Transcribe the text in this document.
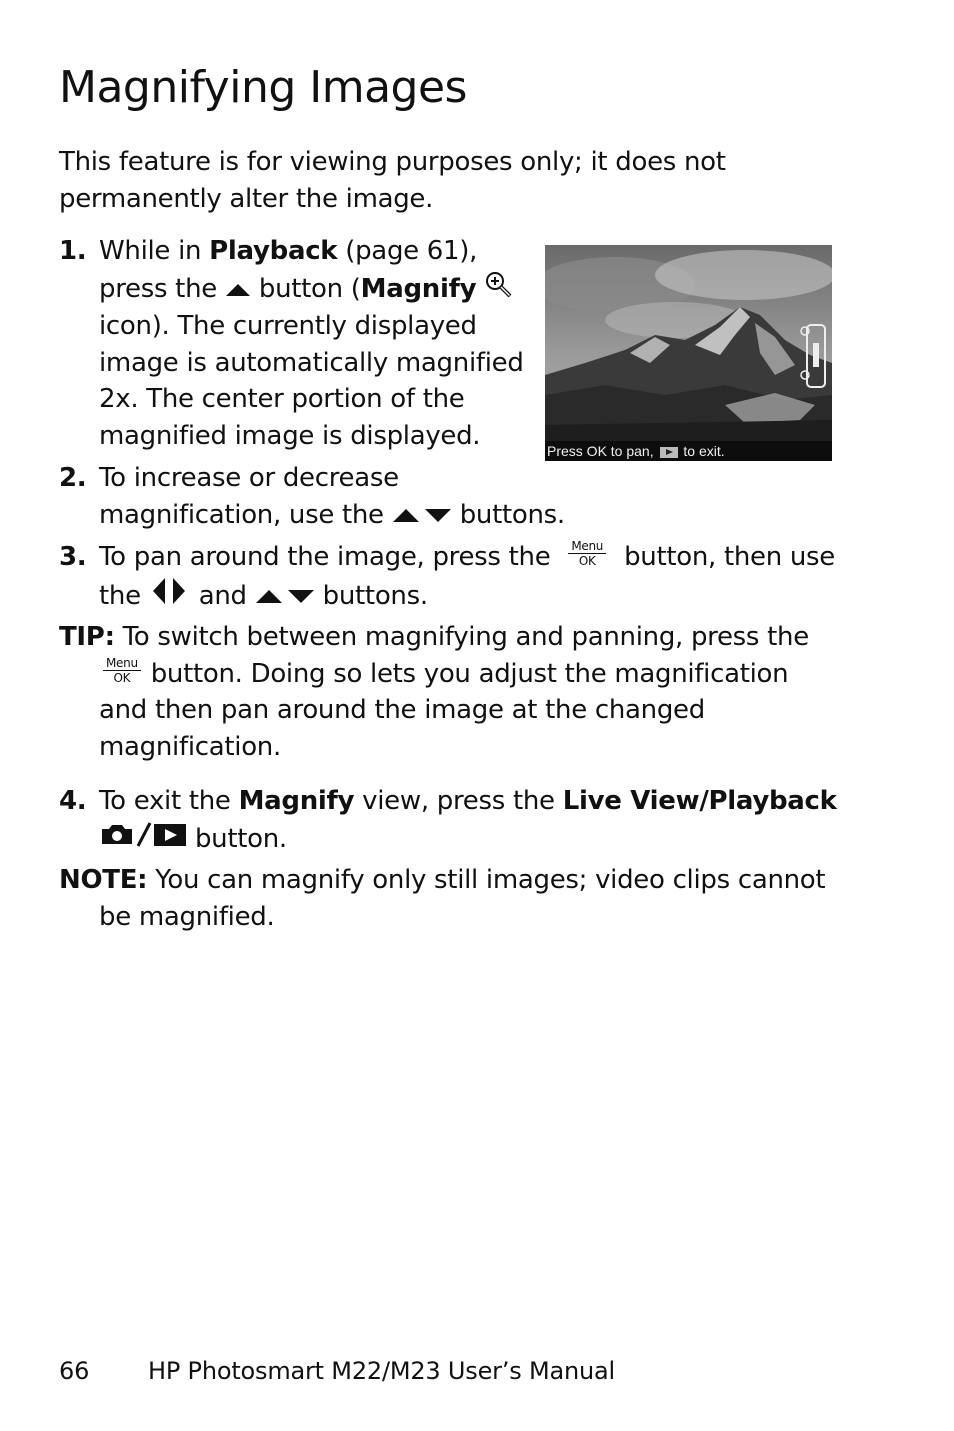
Magnifying Images

This feature is for viewing purposes only; it does not permanently alter the image.

1. While in Playback (page 61),
press the  button (Magnify
icon). The currently displayed
image is automatically magnified
2x. The center portion of the
magnified image is displayed.
Press OK to pan,  to exit.
2. To increase or decrease
magnification, use the  buttons.
3. To pan around the image, press the Menu
OK button, then use
the  and  buttons.
TIP: To switch between magnifying and panning, press the
Menu
OK button. Doing so lets you adjust the magnification
and then pan around the image at the changed
magnification.
4. To exit the Magnify view, press the Live View/Playback
button.
NOTE: You can magnify only still images; video clips cannot
be magnified.
66 HP Photosmart M22/M23 User’s Manual
